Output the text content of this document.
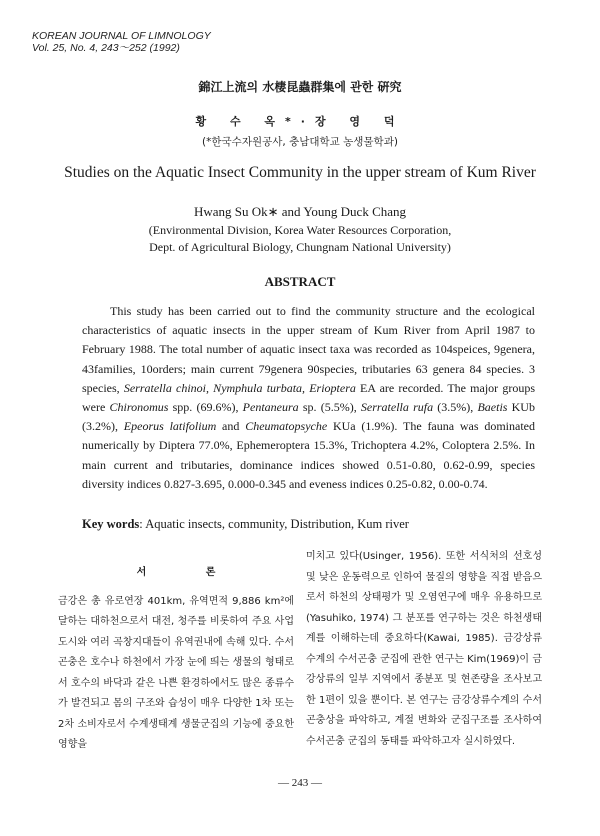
KOREAN JOURNAL OF LIMNOLOGY
Vol. 25, No. 4, 243～252 (1992)
錦江上流의 水棲昆蟲群集에 관한 硏究
황 수 옥*·장 영 덕
(*한국수자원공사, 충남대학교 농생물학과)
Studies on the Aquatic Insect Community in the upper stream of Kum River
Hwang Su Ok∗ and Young Duck Chang
(Environmental Division, Korea Water Resources Corporation,
Dept. of Agricultural Biology, Chungnam National University)
ABSTRACT

This study has been carried out to find the community structure and the ecological characteristics of aquatic insects in the upper stream of Kum River from April 1987 to February 1988. The total number of aquatic insect taxa was recorded as 104speices, 9genera, 43families, 10orders; main current 79genera 90species, tributaries 63 genera 84 species. 3 species, Serratella chinoi, Nymphula turbata, Erioptera EA are recorded. The major groups were Chironomus spp. (69.6%), Pentaneura sp. (5.5%), Serratella rufa (3.5%), Baetis KUb (3.2%), Epeorus latifolium and Cheumatopsyche KUa (1.9%). The fauna was dominated numerically by Diptera 77.0%, Ephemeroptera 15.3%, Trichoptera 4.2%, Coloptera 2.5%. In main current and tributaries, dominance indices showed 0.51-0.80, 0.62-0.99, species diversity indices 0.827-3.695, 0.000-0.345 and eveness indices 0.25-0.82, 0.00-0.74.

Key words: Aquatic insects, community, Distribution, Kum river

서 론

금강은 총 유로연장 401km, 유역면적 9,886 km²에 달하는 대하천으로서 대전, 청주를 비롯하여 주요 사업도시와 여러 곡창지대들이 유역권내에 속해 있다. 수서곤충은 호수나 하천에서 가장 눈에 띄는 생물의 형태로서 호수의 바닥과 같은 나쁜 환경하에서도 많은 종류수가 발견되고 몸의 구조와 습성이 매우 다양한 1차 또는 2차 소비자로서 수계생태계 생물군집의 기능에 중요한 영향을

미치고 있다(Usinger, 1956). 또한 서식처의 선호성 및 낮은 운동력으로 인하여 물질의 영향을 직접 받음으로서 하천의 상태평가 및 오염연구에 매우 유용하므로(Yasuhiko, 1974) 그 분포를 연구하는 것은 하천생태계를 이해하는데 중요하다(Kawai, 1985). 금강상류수계의 수서곤충 군집에 관한 연구는 Kim(1969)이 금강상류의 일부 지역에서 종분포 및 현존량을 조사보고한 1편이 있을 뿐이다. 본 연구는 금강상류수계의 수서곤충상을 파악하고, 계절 변화와 군집구조를 조사하여 수서곤충 군집의 동태를 파악하고자 실시하였다.

— 243 —
